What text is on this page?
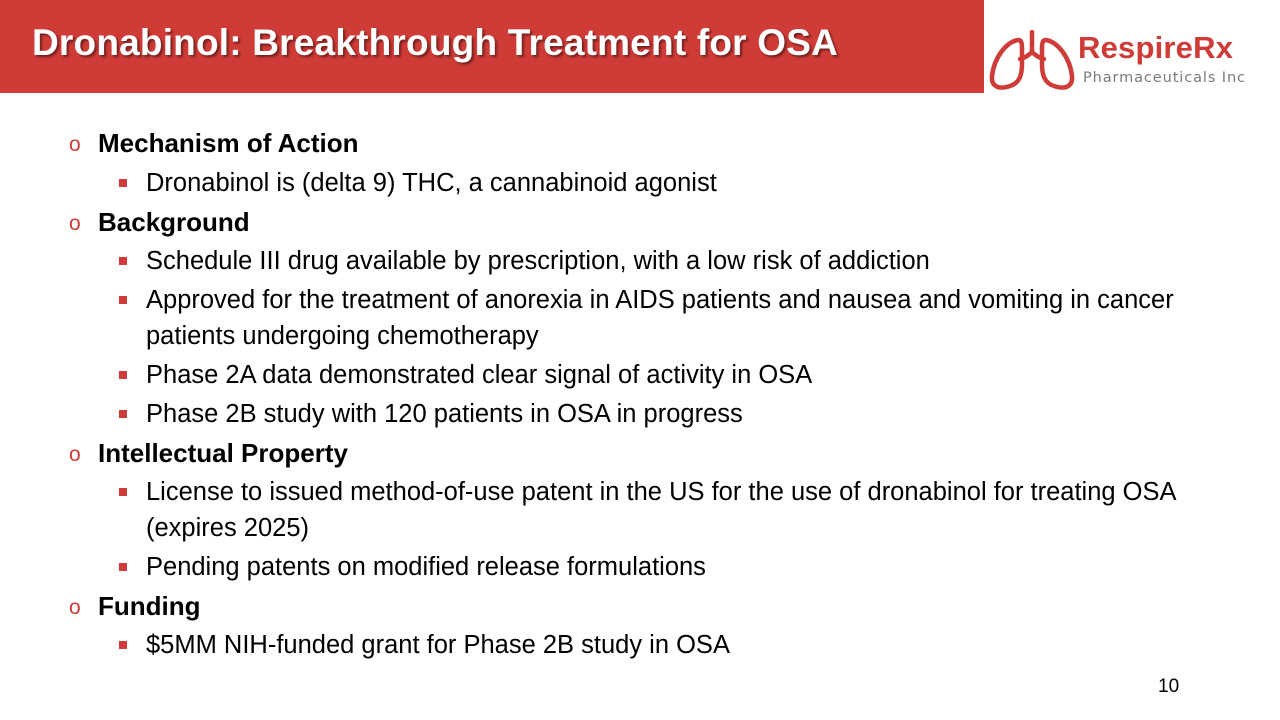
Dronabinol: Breakthrough Treatment for OSA	RespireRx
Pharmaceuticals Inc
o Mechanism of Action
Dronabinol is (delta 9) THC, a cannabinoid agonist
o Background
Schedule III drug available by prescription, with a low risk of addiction
Approved for the treatment of anorexia in AIDS patients and nausea and vomiting in cancer patients undergoing chemotherapy
Phase 2A data demonstrated clear signal of activity in OSA
Phase 2B study with 120 patients in OSA in progress
o Intellectual Property
License to issued method-of-use patent in the US for the use of dronabinol for treating OSA (expires 2025)
Pending patents on modified release formulations
o Funding
$5MM NIH-funded grant for Phase 2B study in OSA
10
